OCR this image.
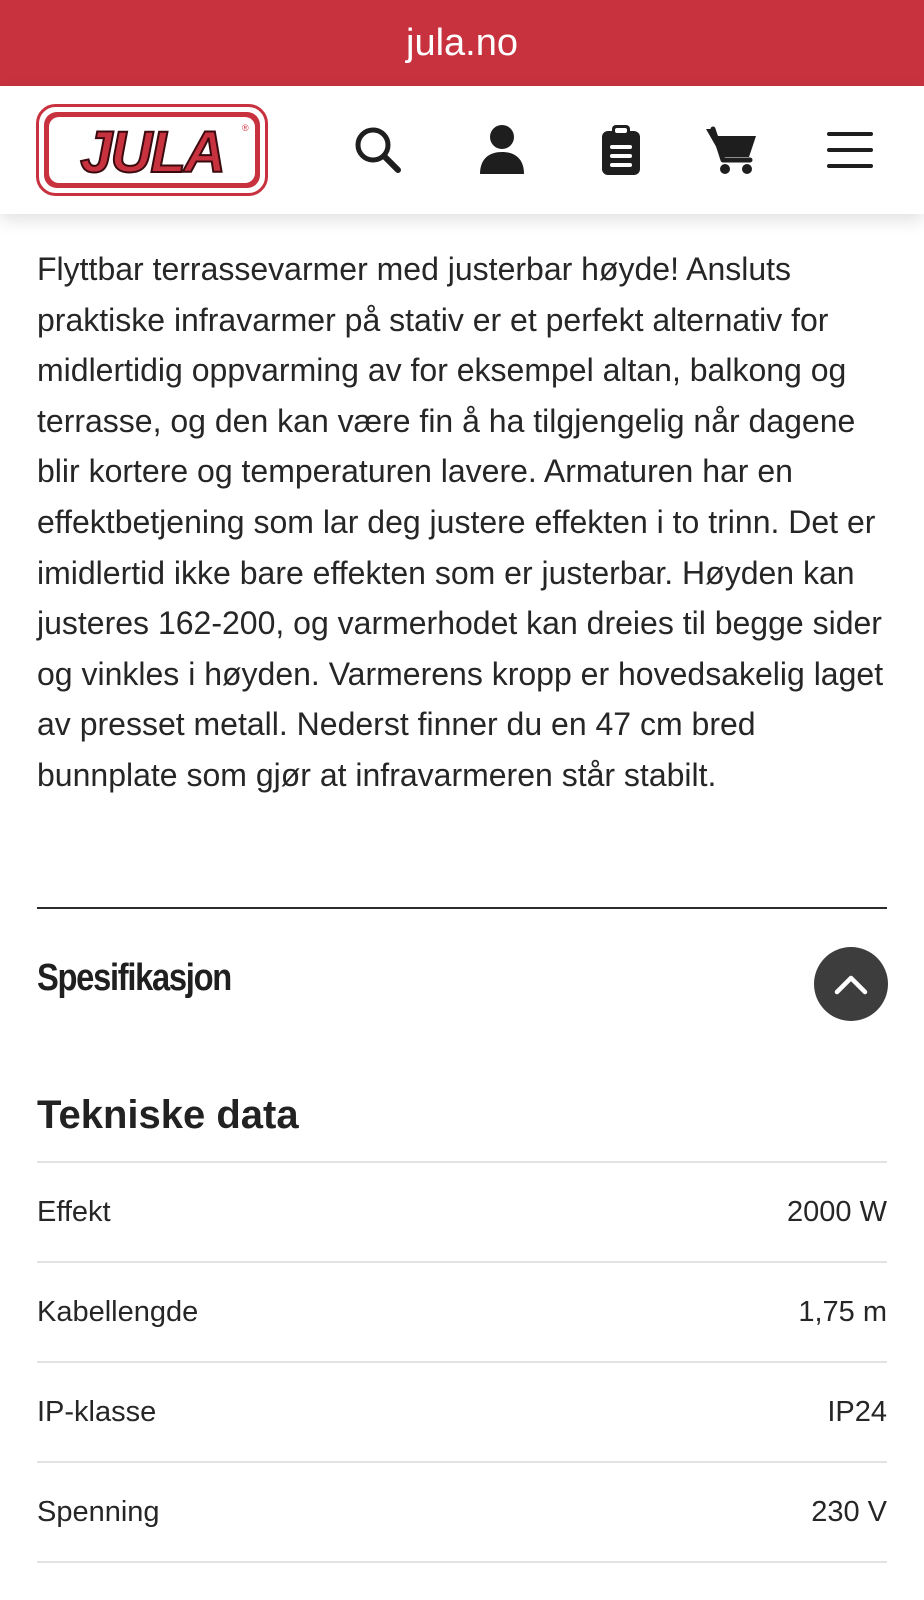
jula.no
JULA ®

Flyttbar terrassevarmer med justerbar høyde! Ansluts praktiske infravarmer på stativ er et perfekt alternativ for midlertidig oppvarming av for eksempel altan, balkong og terrasse, og den kan være fin å ha tilgjengelig når dagene blir kortere og temperaturen lavere. Armaturen har en effektbetjening som lar deg justere effekten i to trinn. Det er imidlertid ikke bare effekten som er justerbar. Høyden kan justeres 162-200, og varmerhodet kan dreies til begge sider og vinkles i høyden. Varmerens kropp er hovedsakelig laget av presset metall. Nederst finner du en 47 cm bred bunnplate som gjør at infravarmeren står stabilt.

Spesifikasjon
Tekniske data
Effekt	2000 W
Kabellengde	1,75 m
IP-klasse	IP24
Spenning	230 V
